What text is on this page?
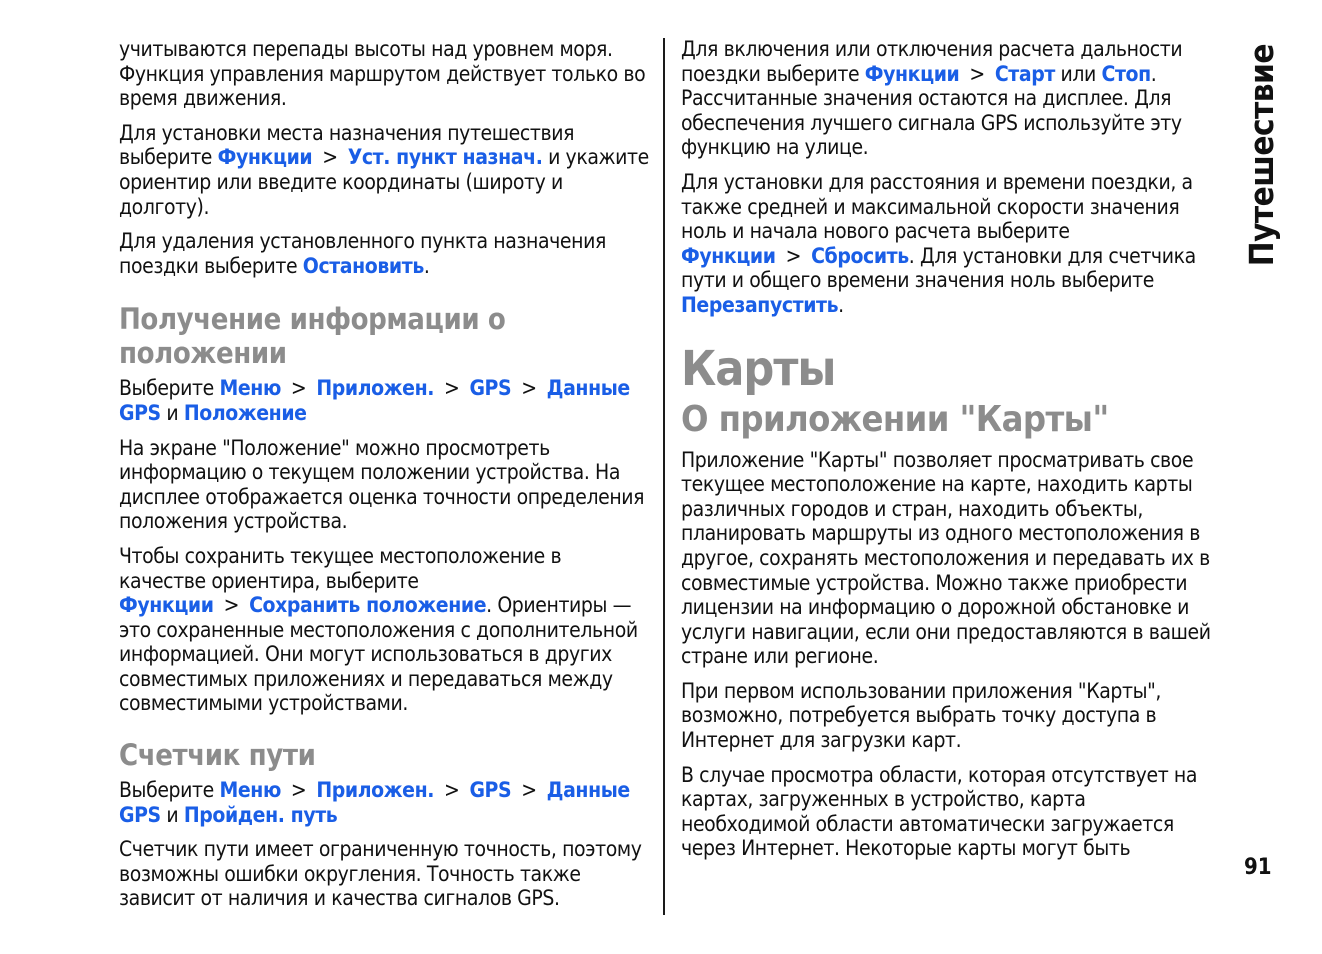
учитываются перепады высоты над уровнем моря. Функция управления маршрутом действует только во время движения.

Для установки места назначения путешествия выберите Функции > Уст. пункт назнач. и укажите ориентир или введите координаты (широту и долготу).

Для удаления установленного пункта назначения поездки выберите Остановить.

Получение информации о положении

Выберите Меню > Приложен. > GPS > Данные GPS и Положение

На экране "Положение" можно просмотреть информацию о текущем положении устройства. На дисплее отображается оценка точности определения положения устройства.

Чтобы сохранить текущее местоположение в качестве ориентира, выберите Функции > Сохранить положение. Ориентиры — это сохраненные местоположения с дополнительной информацией. Они могут использоваться в других совместимых приложениях и передаваться между совместимыми устройствами.

Счетчик пути

Выберите Меню > Приложен. > GPS > Данные GPS и Пройден. путь

Счетчик пути имеет ограниченную точность, поэтому возможны ошибки округления. Точность также зависит от наличия и качества сигналов GPS.

Для включения или отключения расчета дальности поездки выберите Функции > Старт или Стоп. Рассчитанные значения остаются на дисплее. Для обеспечения лучшего сигнала GPS используйте эту функцию на улице.

Для установки для расстояния и времени поездки, а также средней и максимальной скорости значения ноль и начала нового расчета выберите Функции > Сбросить. Для установки для счетчика пути и общего времени значения ноль выберите Перезапустить.

Карты
О приложении "Карты"

Приложение "Карты" позволяет просматривать свое текущее местоположение на карте, находить карты различных городов и стран, находить объекты, планировать маршруты из одного местоположения в другое, сохранять местоположения и передавать их в совместимые устройства. Можно также приобрести лицензии на информацию о дорожной обстановке и услуги навигации, если они предоставляются в вашей стране или регионе.

При первом использовании приложения "Карты", возможно, потребуется выбрать точку доступа в Интернет для загрузки карт.

В случае просмотра области, которая отсутствует на картах, загруженных в устройство, карта необходимой области автоматически загружается через Интернет. Некоторые карты могут быть

Путешествие
91
